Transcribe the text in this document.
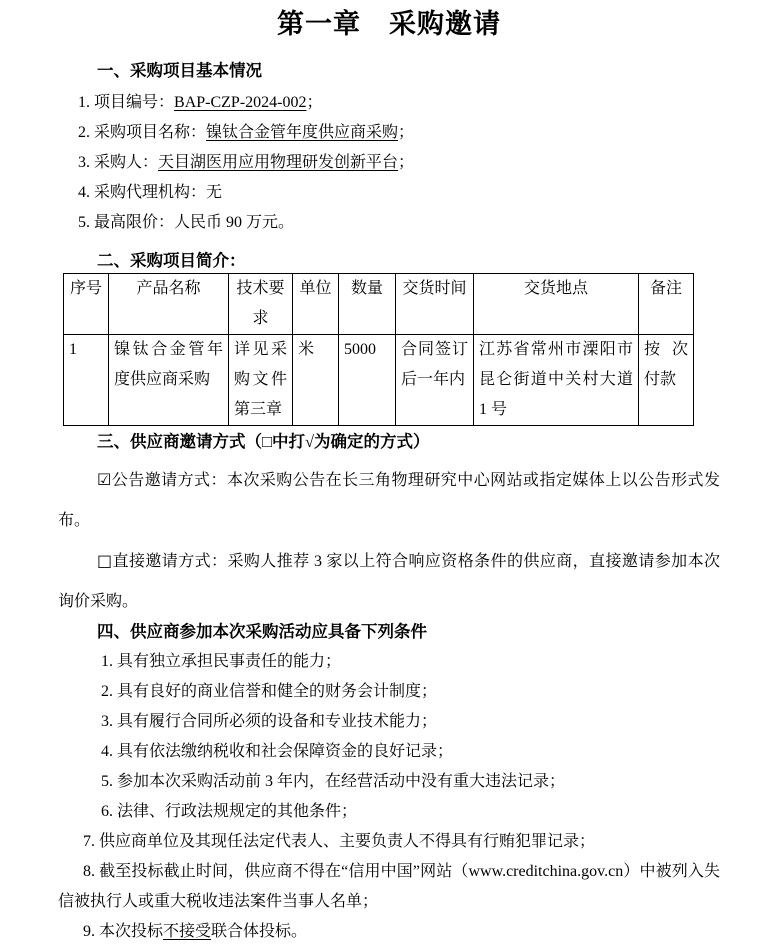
第一章　采购邀请
一、采购项目基本情况

1. 项目编号：BAP-CZP-2024-002；

2. 采购项目名称：镍钛合金管年度供应商采购；

3. 采购人：天目湖医用应用物理研发创新平台；

4. 采购代理机构：无

5. 最高限价：人民币 90 万元。

二、采购项目简介：
序号	产品名称	技术要求	单位	数量	交货时间	交货地点	备注
1	镍钛合金管年度供应商采购	详见采购文件第三章	米	5000	合同签订后一年内	江苏省常州市溧阳市昆仑街道中关村大道 1 号	按次付款
三、供应商邀请方式（□中打√为确定的方式）

☑公告邀请方式：本次采购公告在长三角物理研究中心网站或指定媒体上以公告形式发布。

□直接邀请方式：采购人推荐 3 家以上符合响应资格条件的供应商，直接邀请参加本次询价采购。

四、供应商参加本次采购活动应具备下列条件

1. 具有独立承担民事责任的能力；

2. 具有良好的商业信誉和健全的财务会计制度；

3. 具有履行合同所必须的设备和专业技术能力；

4. 具有依法缴纳税收和社会保障资金的良好记录；

5. 参加本次采购活动前 3 年内，在经营活动中没有重大违法记录；

6. 法律、行政法规规定的其他条件；

7. 供应商单位及其现任法定代表人、主要负责人不得具有行贿犯罪记录；

8. 截至投标截止时间，供应商不得在“信用中国”网站（www.creditchina.gov.cn）中被列入失信被执行人或重大税收违法案件当事人名单；

9. 本次投标不接受联合体投标。
